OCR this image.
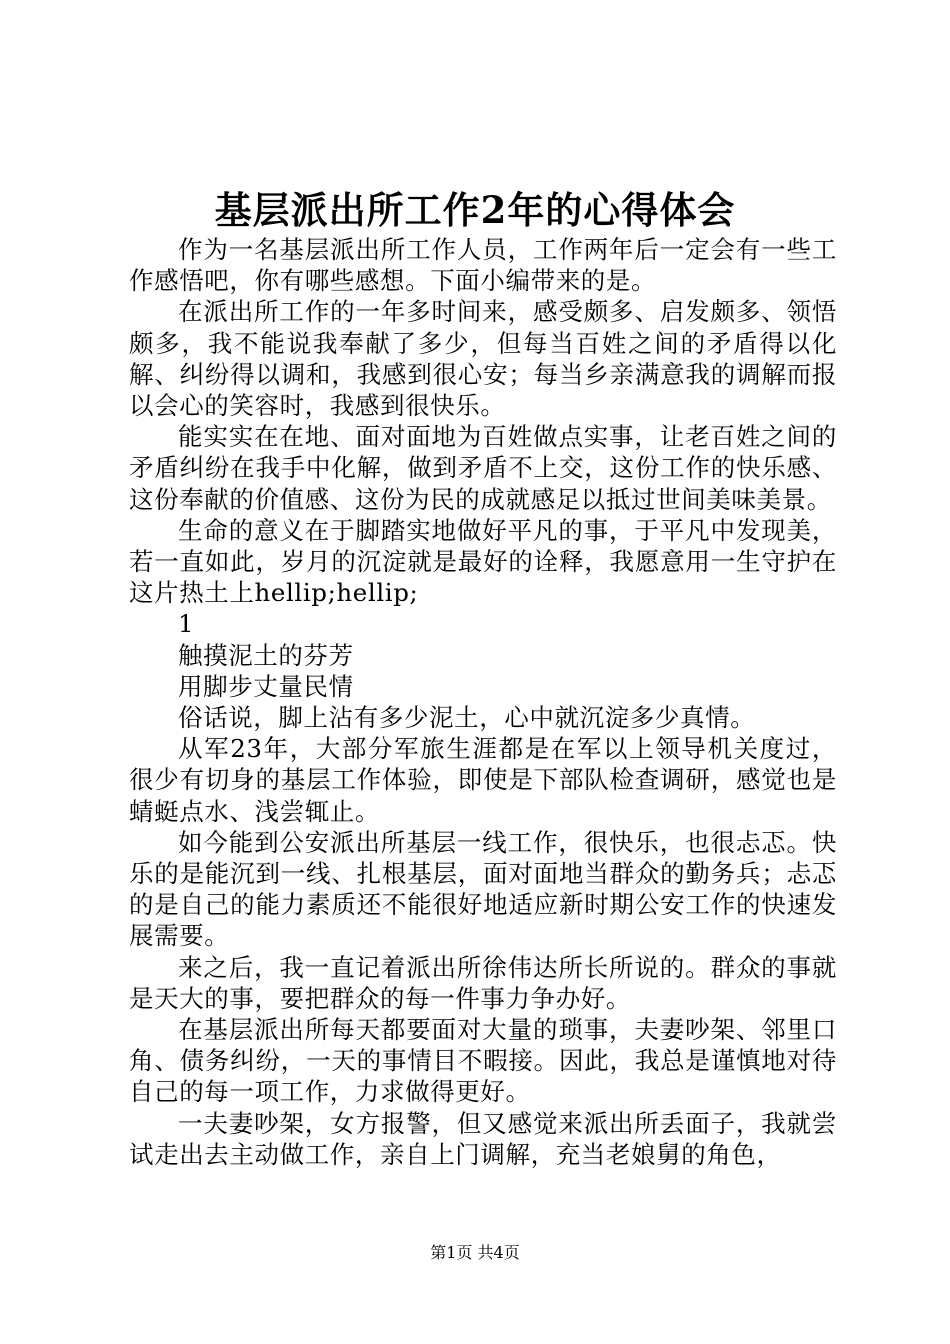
基层派出所工作2年的心得体会

作为一名基层派出所工作人员，工作两年后一定会有一些工作感悟吧，你有哪些感想。下面小编带来的是。

在派出所工作的一年多时间来，感受颇多、启发颇多、领悟颇多，我不能说我奉献了多少，但每当百姓之间的矛盾得以化解、纠纷得以调和，我感到很心安；每当乡亲满意我的调解而报以会心的笑容时，我感到很快乐。

能实实在在地、面对面地为百姓做点实事，让老百姓之间的矛盾纠纷在我手中化解，做到矛盾不上交，这份工作的快乐感、这份奉献的价值感、这份为民的成就感足以抵过世间美味美景。

生命的意义在于脚踏实地做好平凡的事，于平凡中发现美，若一直如此，岁月的沉淀就是最好的诠释，我愿意用一生守护在这片热土上hellip;hellip;

1

触摸泥土的芬芳

用脚步丈量民情

俗话说，脚上沾有多少泥土，心中就沉淀多少真情。

从军23年，大部分军旅生涯都是在军以上领导机关度过，很少有切身的基层工作体验，即使是下部队检查调研，感觉也是蜻蜓点水、浅尝辄止。

如今能到公安派出所基层一线工作，很快乐，也很忐忑。快乐的是能沉到一线、扎根基层，面对面地当群众的勤务兵；忐忑的是自己的能力素质还不能很好地适应新时期公安工作的快速发展需要。

来之后，我一直记着派出所徐伟达所长所说的。群众的事就是天大的事，要把群众的每一件事力争办好。

在基层派出所每天都要面对大量的琐事，夫妻吵架、邻里口角、债务纠纷，一天的事情目不暇接。因此，我总是谨慎地对待自己的每一项工作，力求做得更好。

一夫妻吵架，女方报警，但又感觉来派出所丢面子，我就尝试走出去主动做工作，亲自上门调解，充当老娘舅的角色，

第1页 共4页
